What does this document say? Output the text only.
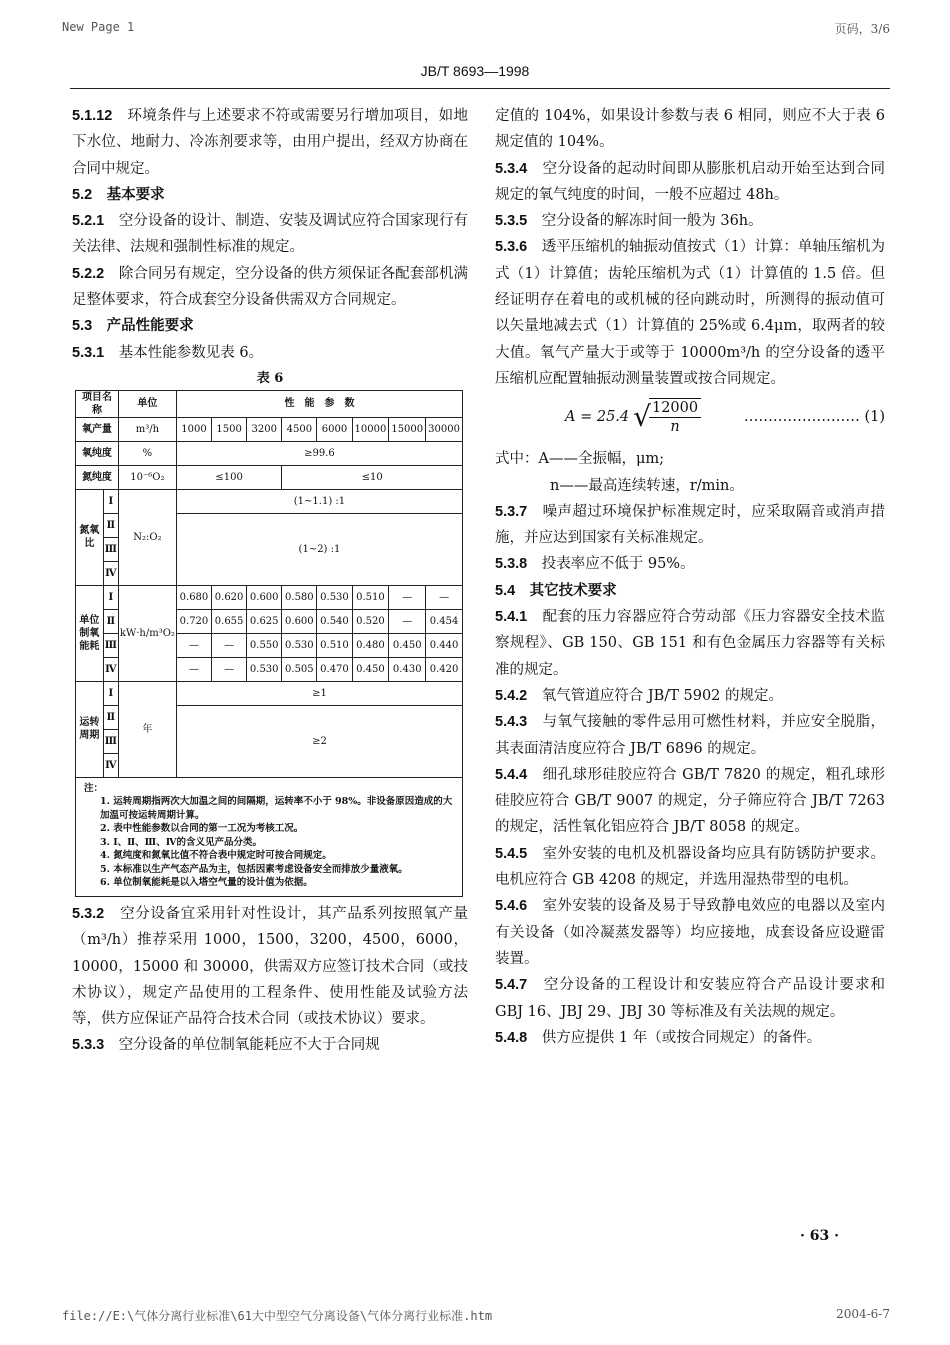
New Page 1	页码，3/6
JB/T 8693—1998

5.1.12　 环境条件与上述要求不符或需要另行增加项目，如地下水位、地耐力、冷冻剂要求等，由用户提出，经双方协商在合同中规定。

5.2　 基本要求

5.2.1　 空分设备的设计、制造、安装及调试应符合国家现行有关法律、法规和强制性标准的规定。

5.2.2　 除合同另有规定，空分设备的供方须保证各配套部机满足整体要求，符合成套空分设备供需双方合同规定。

5.3　 产品性能要求

5.3.1　 基本性能参数见表 6。

表 6
项目名称		单位	性　能　参　数							
氧产量		m³/h	1000	1500	3200	4500	6000	10000	15000	30000
氧纯度		%	≥99.6							
氮纯度		10⁻⁶O₂	≤100			≤10				
氮氧比	Ⅰ	N₂:O₂	(1~1.1) :1							
	Ⅱ		(1~2) :1							
	Ⅲ									
	Ⅳ									
单位制氧能耗	Ⅰ	kW·h/m³O₂	0.680	0.620	0.600	0.580	0.530	0.510	—	—
	Ⅱ		0.720	0.655	0.625	0.600	0.540	0.520	—	0.454
	Ⅲ		—	—	0.550	0.530	0.510	0.480	0.450	0.440
	Ⅳ		—	—	0.530	0.505	0.470	0.450	0.430	0.420
运转周期	Ⅰ	年	≥1							
	Ⅱ		≥2							
	Ⅲ									
	Ⅳ									
注：
1. 运转周期指两次大加温之间的间隔期，运转率不小于 98%。非设备原因造成的大加温可按运转周期计算。
2. 表中性能参数以合同的第一工况为考核工况。
3. Ⅰ、Ⅱ、Ⅲ、Ⅳ的含义见产品分类。
4. 氮纯度和氮氧比值不符合表中规定时可按合同规定。
5. 本标准以生产气态产品为主，包括因素考虑设备安全而排放少量液氧。
6. 单位制氧能耗是以入塔空气量的设计值为依据。

5.3.2　 空分设备宜采用针对性设计，其产品系列按照氧产量（m³/h）推荐采用 1000，1500，3200，4500，6000，10000，15000 和 30000，供需双方应签订技术合同（或技术协议），规定产品使用的工程条件、使用性能及试验方法等，供方应保证产品符合技术合同（或技术协议）要求。

5.3.3　 空分设备的单位制氧能耗应不大于合同规

定值的 104%，如果设计参数与表 6 相同，则应不大于表 6 规定值的 104%。

5.3.4　 空分设备的起动时间即从膨胀机启动开始至达到合同规定的氧气纯度的时间，一般不应超过 48h。

5.3.5　 空分设备的解冻时间一般为 36h。

5.3.6　 透平压缩机的轴振动值按式（1）计算：单轴压缩机为式（1）计算值；齿轮压缩机为式（1）计算值的 1.5 倍。但经证明存在着电的或机械的径向跳动时，所测得的振动值可以矢量地减去式（1）计算值的 25%或 6.4μm，取两者的较大值。氧气产量大于或等于 10000m³/h 的空分设备的透平压缩机应配置轴振动测量装置或按合同规定。

A = 25.4 √
$\frac{12000}{n}$	…………………… (1)

式中：A——全振幅，μm;

n——最高连续转速，r/min。

5.3.7　 噪声超过环境保护标准规定时，应采取隔音或消声措施，并应达到国家有关标准规定。

5.3.8　 投表率应不低于 95%。

5.4　 其它技术要求

5.4.1　 配套的压力容器应符合劳动部《压力容器安全技术监察规程》、GB 150、GB 151 和有色金属压力容器等有关标准的规定。

5.4.2　 氧气管道应符合 JB/T 5902 的规定。

5.4.3　 与氧气接触的零件忌用可燃性材料，并应安全脱脂，其表面清洁度应符合 JB/T 6896 的规定。

5.4.4　 细孔球形硅胶应符合 GB/T 7820 的规定，粗孔球形硅胶应符合 GB/T 9007 的规定，分子筛应符合 JB/T 7263 的规定，活性氧化铝应符合 JB/T 8058 的规定。

5.4.5　 室外安装的电机及机器设备均应具有防锈防护要求。电机应符合 GB 4208 的规定，并选用湿热带型的电机。

5.4.6　 室外安装的设备及易于导致静电效应的电器以及室内有关设备（如冷凝蒸发器等）均应接地，成套设备应设避雷装置。

5.4.7　 空分设备的工程设计和安装应符合产品设计要求和 GBJ 16、JBJ 29、JBJ 30 等标准及有关法规的规定。

5.4.8　 供方应提供 1 年（或按合同规定）的备件。

· 63 ·
file://E:\气体分离行业标准\61大中型空气分离设备\气体分离行业标准.htm	2004-6-7
